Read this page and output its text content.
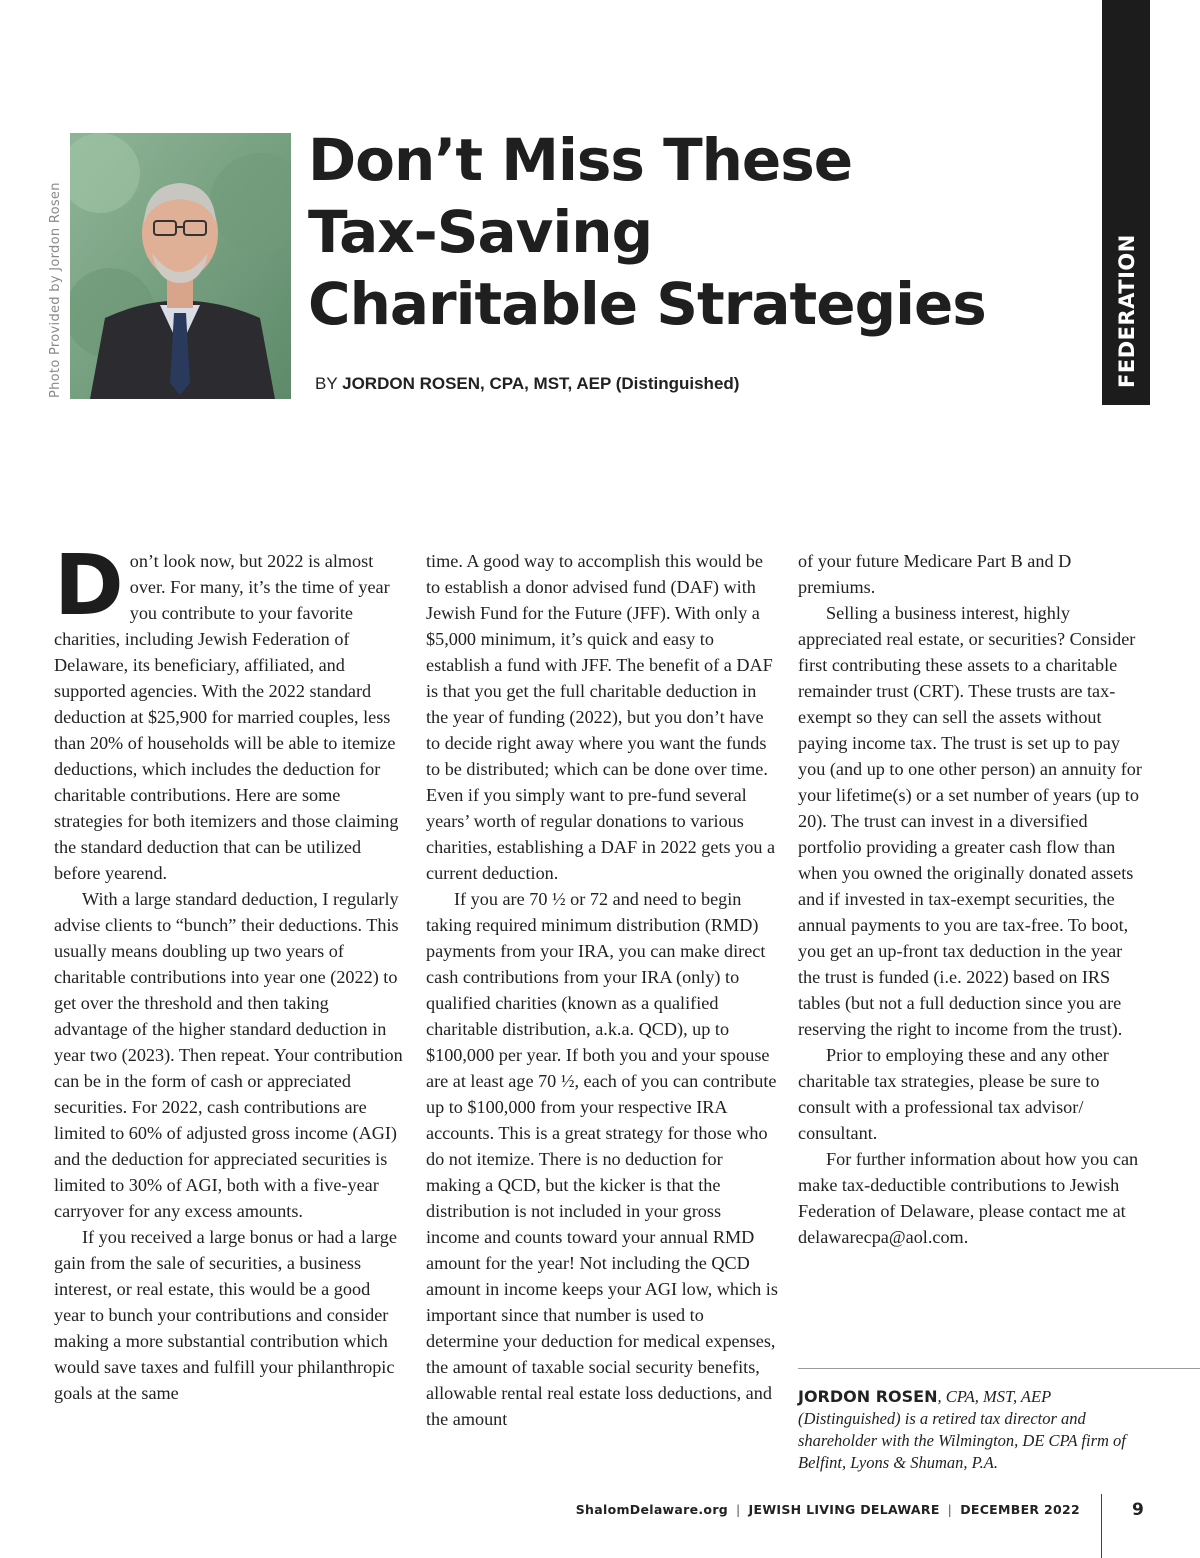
Photo Provided by Jordon Rosen
Don’t Miss These
Tax-Saving
Charitable Strategies
BY JORDON ROSEN, CPA, MST, AEP (Distinguished)	FEDERATION

Don’t look now, but 2022 is almost over. For many, it’s the time of year you contribute to your favorite charities, including Jewish Federation of Delaware, its beneficiary, affiliated, and supported agencies. With the 2022 standard deduction at $25,900 for married couples, less than 20% of households will be able to itemize deductions, which includes the deduction for charitable contributions. Here are some strategies for both itemizers and those claiming the standard deduction that can be utilized before yearend.

With a large standard deduction, I regularly advise clients to “bunch” their deductions. This usually means doubling up two years of charitable contributions into year one (2022) to get over the threshold and then taking advantage of the higher standard deduction in year two (2023). Then repeat. Your contribution can be in the form of cash or appreciated securities. For 2022, cash contributions are limited to 60% of adjusted gross income (AGI) and the deduction for appreciated securities is limited to 30% of AGI, both with a five-year carryover for any excess amounts.

If you received a large bonus or had a large gain from the sale of securities, a business interest, or real estate, this would be a good year to bunch your contributions and consider making a more substantial contribution which would save taxes and fulfill your philanthropic goals at the same

time. A good way to accomplish this would be to establish a donor advised fund (DAF) with Jewish Fund for the Future (JFF). With only a $5,000 minimum, it’s quick and easy to establish a fund with JFF. The benefit of a DAF is that you get the full charitable deduction in the year of funding (2022), but you don’t have to decide right away where you want the funds to be distributed; which can be done over time. Even if you simply want to pre-fund several years’ worth of regular donations to various charities, establishing a DAF in 2022 gets you a current deduction.

If you are 70 ½ or 72 and need to begin taking required minimum distribution (RMD) payments from your IRA, you can make direct cash contributions from your IRA (only) to qualified charities (known as a qualified charitable distribution, a.k.a. QCD), up to $100,000 per year. If both you and your spouse are at least age 70 ½, each of you can contribute up to $100,000 from your respective IRA accounts. This is a great strategy for those who do not itemize. There is no deduction for making a QCD, but the kicker is that the distribution is not included in your gross income and counts toward your annual RMD amount for the year! Not including the QCD amount in income keeps your AGI low, which is important since that number is used to determine your deduction for medical expenses, the amount of taxable social security benefits, allowable rental real estate loss deductions, and the amount

of your future Medicare Part B and D premiums.

Selling a business interest, highly appreciated real estate, or securities? Consider first contributing these assets to a charitable remainder trust (CRT). These trusts are tax-exempt so they can sell the assets without paying income tax. The trust is set up to pay you (and up to one other person) an annuity for your lifetime(s) or a set number of years (up to 20). The trust can invest in a diversified portfolio providing a greater cash flow than when you owned the originally donated assets and if invested in tax-exempt securities, the annual payments to you are tax-free. To boot, you get an up-front tax deduction in the year the trust is funded (i.e. 2022) based on IRS tables (but not a full deduction since you are reserving the right to income from the trust).

Prior to employing these and any other charitable tax strategies, please be sure to consult with a professional tax advisor/ consultant.

For further information about how you can make tax-deductible contributions to Jewish Federation of Delaware, please contact me at delawarecpa@aol.com.

JORDON ROSEN, CPA, MST, AEP (Distinguished) is a retired tax director and shareholder with the Wilmington, DE CPA firm of Belfint, Lyons & Shuman, P.A.
ShalomDelaware.org | JEWISH LIVING DELAWARE | DECEMBER 2022	9
